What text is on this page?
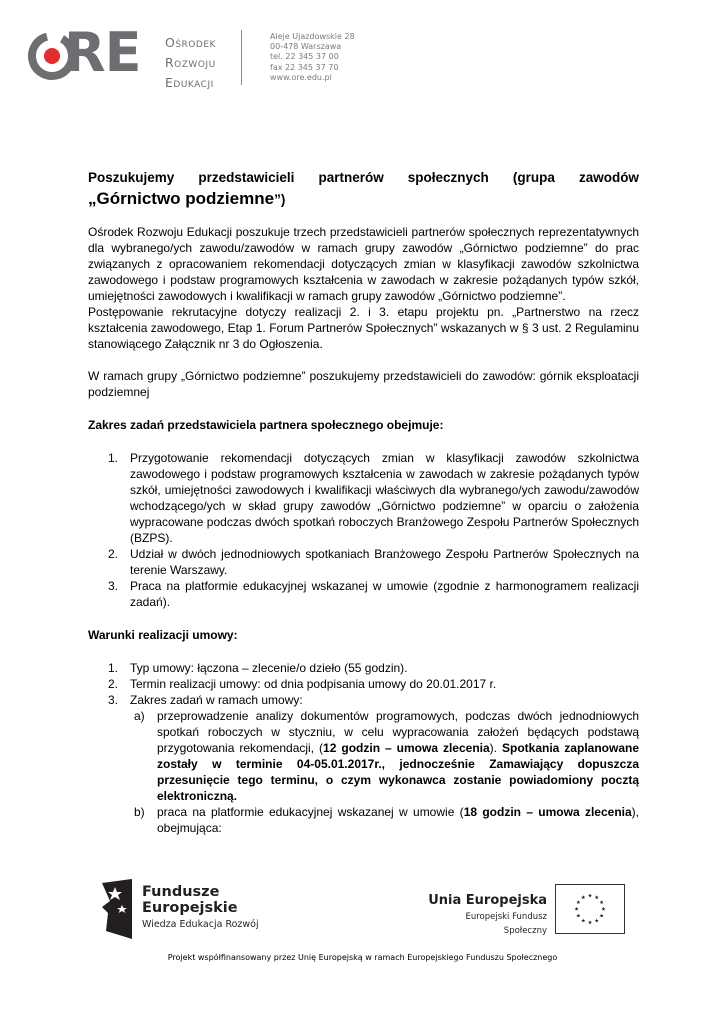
RE Ośrodek
Rozwoju
Edukacji
Aleje Ujazdowskie 28
00-478 Warszawa
tel. 22 345 37 00
fax 22 345 37 70
www.ore.edu.pl
Poszukujemy przedstawicieli partnerów społecznych (grupa zawodów
„Górnictwo podziemne”)

Ośrodek Rozwoju Edukacji poszukuje trzech przedstawicieli partnerów społecznych reprezentatywnych dla wybranego/ych zawodu/zawodów w ramach grupy zawodów „Górnictwo podziemne” do prac związanych z opracowaniem rekomendacji dotyczących zmian w klasyfikacji zawodów szkolnictwa zawodowego i podstaw programowych kształcenia w zawodach w zakresie pożądanych typów szkół, umiejętności zawodowych i kwalifikacji w ramach grupy zawodów „Górnictwo podziemne”.

Postępowanie rekrutacyjne dotyczy realizacji 2. i 3. etapu projektu pn. „Partnerstwo na rzecz kształcenia zawodowego, Etap 1. Forum Partnerów Społecznych” wskazanych w § 3 ust. 2 Regulaminu stanowiącego Załącznik nr 3 do Ogłoszenia.

W ramach grupy „Górnictwo podziemne” poszukujemy przedstawicieli do zawodów: górnik eksploatacji podziemnej

Zakres zadań przedstawiciela partnera społecznego obejmuje:

1. Przygotowanie rekomendacji dotyczących zmian w klasyfikacji zawodów szkolnictwa zawodowego i podstaw programowych kształcenia w zawodach w zakresie pożądanych typów szkół, umiejętności zawodowych i kwalifikacji właściwych dla wybranego/ych zawodu/zawodów wchodzącego/ych w skład grupy zawodów „Górnictwo podziemne” w oparciu o założenia wypracowane podczas dwóch spotkań roboczych Branżowego Zespołu Partnerów Społecznych (BZPS).
2. Udział w dwóch jednodniowych spotkaniach Branżowego Zespołu Partnerów Społecznych na terenie Warszawy.
3. Praca na platformie edukacyjnej wskazanej w umowie (zgodnie z harmonogramem realizacji zadań).

Warunki realizacji umowy:

1. Typ umowy: łączona – zlecenie/o dzieło (55 godzin).
2. Termin realizacji umowy: od dnia podpisania umowy do 20.01.2017 r.
3. Zakres zadań w ramach umowy:
a) przeprowadzenie analizy dokumentów programowych, podczas dwóch jednodniowych spotkań roboczych w styczniu, w celu wypracowania założeń będących podstawą przygotowania rekomendacji, (12 godzin – umowa zlecenia). Spotkania zaplanowane zostały w terminie 04-05.01.2017r., jednocześnie Zamawiający dopuszcza przesunięcie tego terminu, o czym wykonawca zostanie powiadomiony pocztą elektroniczną.
b) praca na platformie edukacyjnej wskazanej w umowie (18 godzin – umowa zlecenia), obejmująca:
Fundusze
Europejskie
Wiedza Edukacja Rozwój
Unia Europejska
Europejski Fundusz Społeczny
Projekt współfinansowany przez Unię Europejską w ramach Europejskiego Funduszu Społecznego
